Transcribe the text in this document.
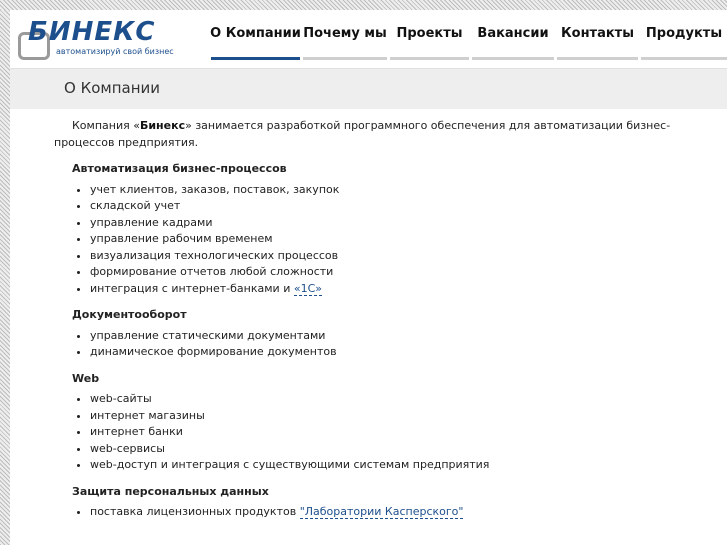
БИНЕКС
автоматизируй свой бизнес
О Компании Почему мы Проекты	Вакансии Контакты Продукты
О Компании

Компания «Бинекс» занимается разработкой программного обеспечения для автоматизации бизнес-процессов предприятия.

Автоматизация бизнес-процессов
• учет клиентов, заказов, поставок, закупок
• складской учет
• управление кадрами
• управление рабочим временем
• визуализация технологических процессов
• формирование отчетов любой сложности
• интеграция с интернет-банками и «1С»
Документооборот
• управление статическими документами
• динамическое формирование документов
Web
• web-сайты
• интернет магазины
• интернет банки
• web-сервисы
• web-доступ и интеграция с существующими системам предприятия
Защита персональных данных
• поставка лицензионных продуктов "Лаборатории Касперского"
